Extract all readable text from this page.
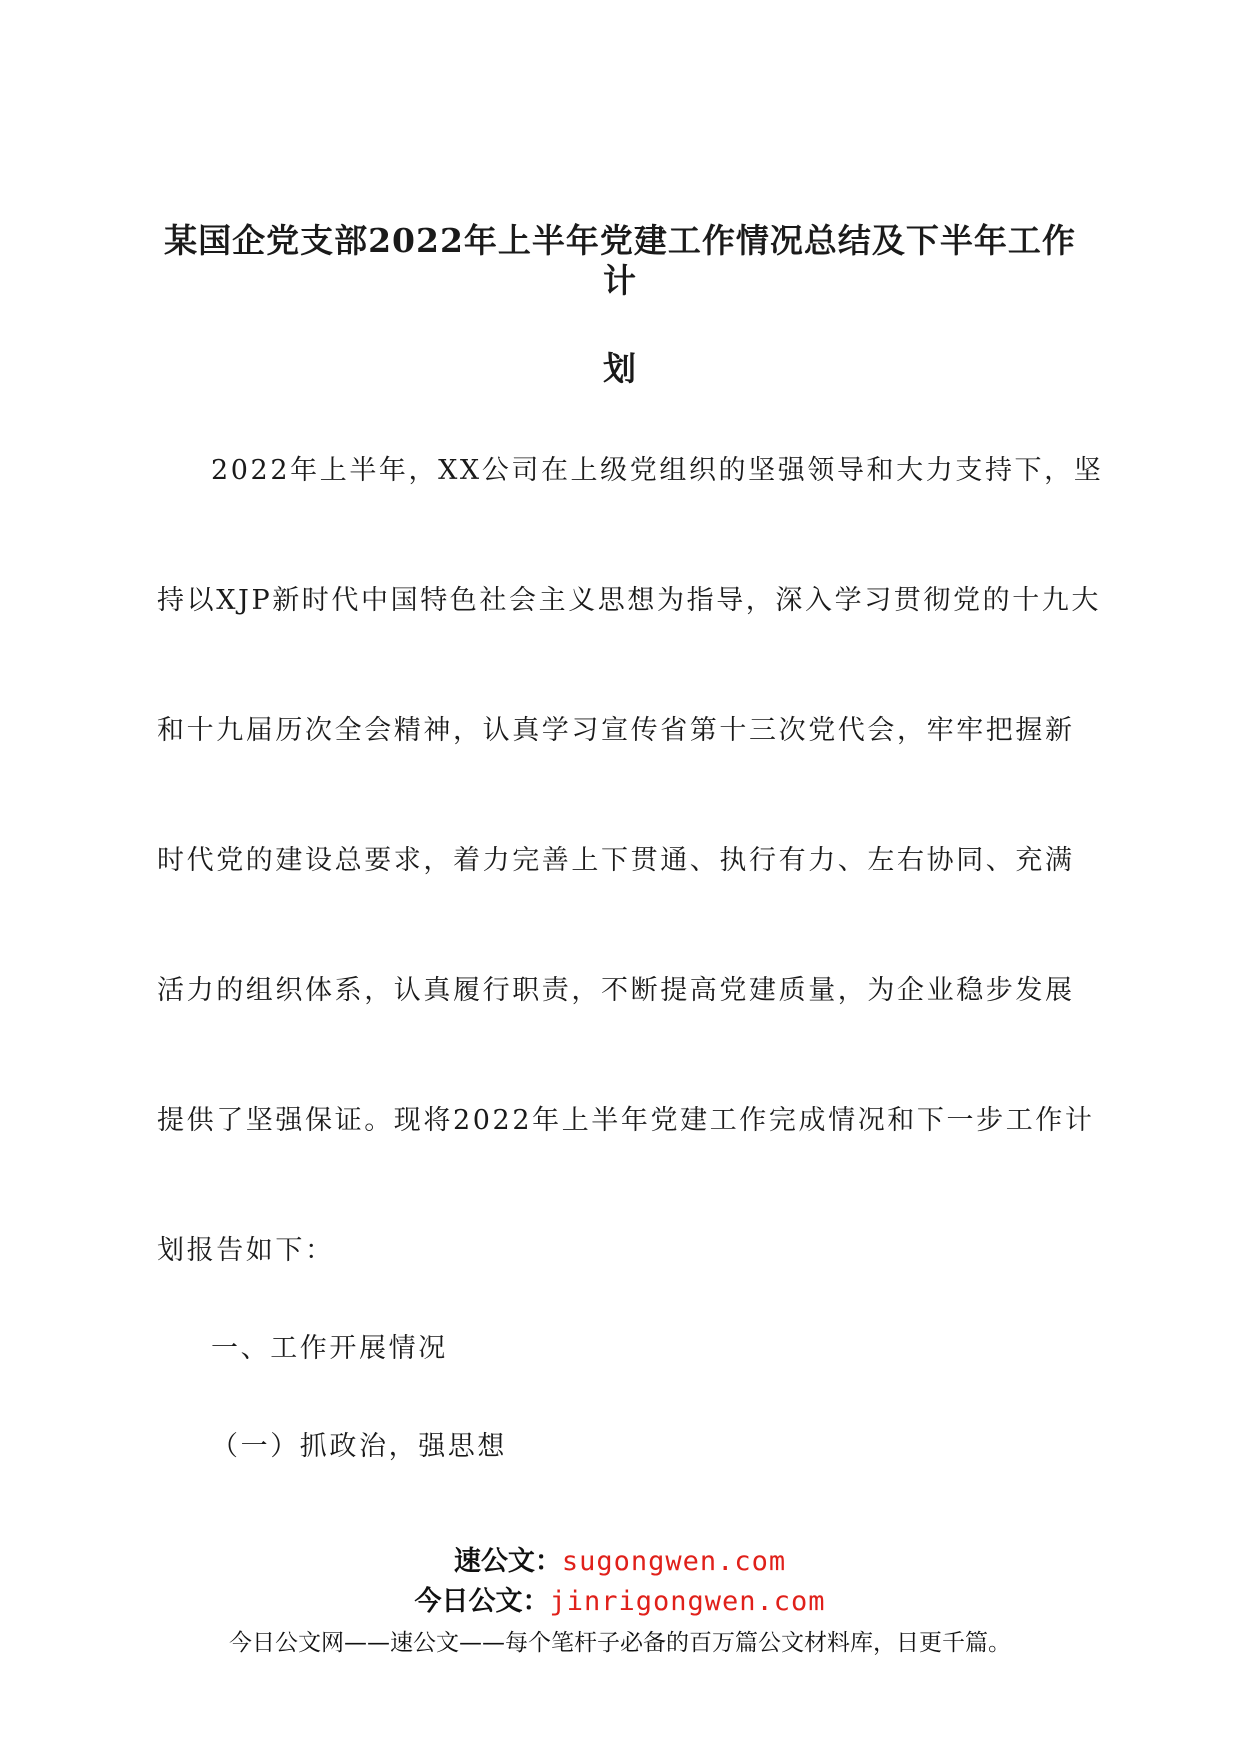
某国企党支部2022年上半年党建工作情况总结及下半年工作计
划

2022年上半年，XX公司在上级党组织的坚强领导和大力支持下，坚

持以XJP新时代中国特色社会主义思想为指导，深入学习贯彻党的十九大

和十九届历次全会精神，认真学习宣传省第十三次党代会，牢牢把握新

时代党的建设总要求，着力完善上下贯通、执行有力、左右协同、充满

活力的组织体系，认真履行职责，不断提高党建质量，为企业稳步发展

提供了坚强保证。现将2022年上半年党建工作完成情况和下一步工作计

划报告如下：

一、工作开展情况

（一）抓政治，强思想

速公文：sugongwen.com
今日公文：jinrigongwen.com
今日公文网——速公文——每个笔杆子必备的百万篇公文材料库，日更千篇。
